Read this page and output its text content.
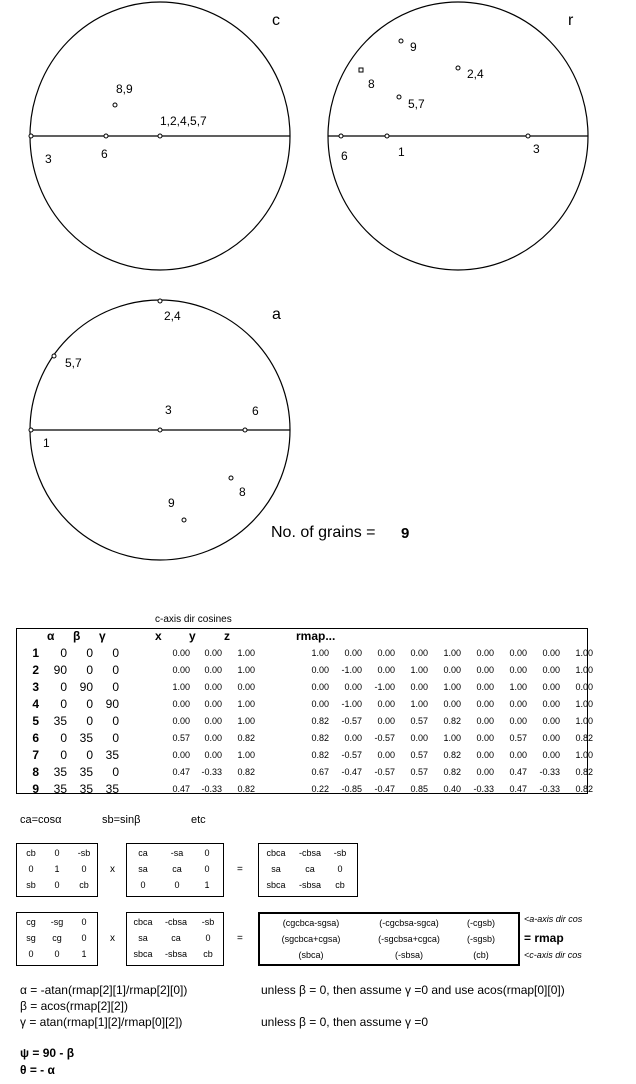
c
8,9
1,2,4,5,7
3	6
r
9
8
2,4
5,7
6	1	3
a
2,4
5,7
3	6
1
8
9
No. of grains = 9
c-axis dir cosines
α β γ	x y z	rmap...
1	0	0	0	0.00	0.00	1.00	1.00	0.00	0.00	0.00	1.00	0.00	0.00	0.00	1.00
2	90	0	0	0.00	0.00	1.00	0.00	-1.00	0.00	1.00	0.00	0.00	0.00	0.00	1.00
3	0	90	0	1.00	0.00	0.00	0.00	0.00	-1.00	0.00	1.00	0.00	1.00	0.00	0.00
4	0	0	90	0.00	0.00	1.00	0.00	-1.00	0.00	1.00	0.00	0.00	0.00	0.00	1.00
5	35	0	0	0.00	0.00	1.00	0.82	-0.57	0.00	0.57	0.82	0.00	0.00	0.00	1.00
6	0	35	0	0.57	0.00	0.82	0.82	0.00	-0.57	0.00	1.00	0.00	0.57	0.00	0.82
7	0	0	35	0.00	0.00	1.00	0.82	-0.57	0.00	0.57	0.82	0.00	0.00	0.00	1.00
8	35	35	0	0.47	-0.33	0.82	0.67	-0.47	-0.57	0.57	0.82	0.00	0.47	-0.33	0.82
9	35	35	35	0.47	-0.33	0.82	0.22	-0.85	-0.47	0.85	0.40	-0.33	0.47	-0.33	0.82
ca=cosα	sb=sinβ	etc
cb	0	-sb
0	1	0
sb	0	cb
x
ca	-sa	0
sa	ca	0
0	0	1
=
cbca	-cbsa	-sb
sa	ca	0
sbca	-sbsa	cb
cg	-sg	0
sg	cg	0
0	0	1
x
cbca	-cbsa	-sb
sa	ca	0
sbca	-sbsa	cb
=
(cgcbca-sgsa)	(-cgcbsa-sgca)	(-cgsb)
(sgcbca+cgsa)	(-sgcbsa+cgca)	(-sgsb)
(sbca)	(-sbsa)	(cb)
<a-axis dir cos
= rmap
<c-axis dir cos
α = -atan(rmap[2][1]/rmap[2][0])	unless β = 0, then assume γ =0 and use acos(rmap[0][0])
β = acos(rmap[2][2])
γ = atan(rmap[1][2]/rmap[0][2])	unless β = 0, then assume γ =0
ψ = 90 - β
θ = - α
